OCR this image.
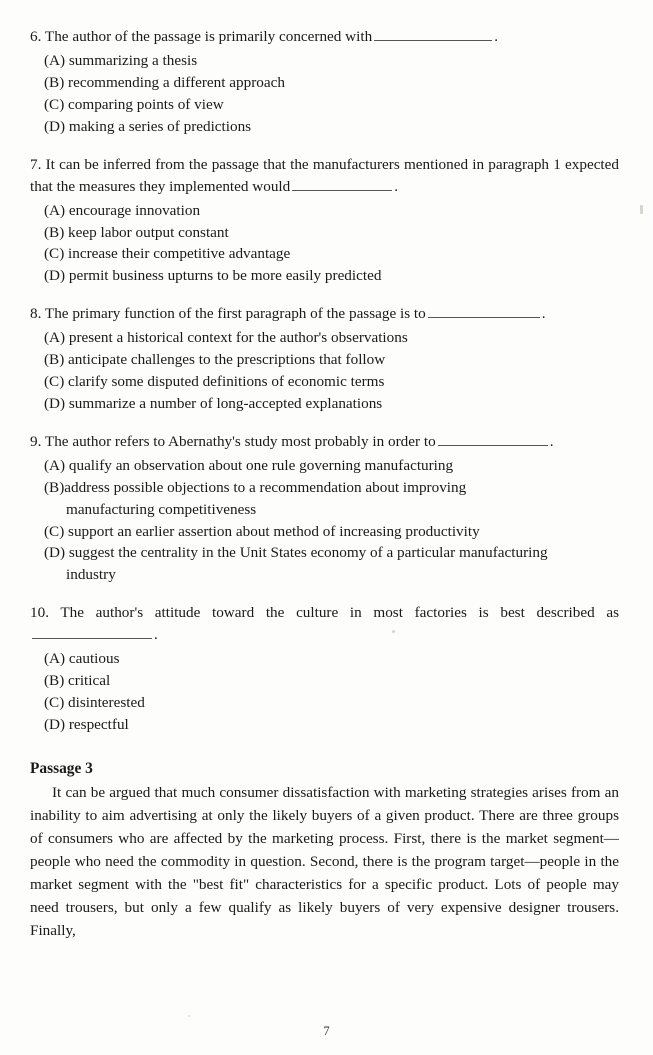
6. The author of the passage is primarily concerned with	.

(A) summarizing a thesis
(B) recommending a different approach
(C) comparing points of view
(D) making a series of predictions

7. It can be inferred from the passage that the manufacturers mentioned in paragraph 1 expected that the measures they implemented would	.

(A) encourage innovation
(B) keep labor output constant
(C) increase their competitive advantage
(D) permit business upturns to be more easily predicted

8. The primary function of the first paragraph of the passage is to	.

(A) present a historical context for the author's observations
(B) anticipate challenges to the prescriptions that follow
(C) clarify some disputed definitions of economic terms
(D) summarize a number of long-accepted explanations

9. The author refers to Abernathy's study most probably in order to	.

(A) qualify an observation about one rule governing manufacturing
(B)address possible objections to a recommendation about improving
manufacturing competitiveness
(C) support an earlier assertion about method of increasing productivity
(D) suggest the centrality in the Unit States economy of a particular manufacturing
industry

10. The author's attitude toward the culture in most factories is best described as .

(A) cautious
(B) critical
(C) disinterested
(D) respectful
Passage 3

It can be argued that much consumer dissatisfaction with marketing strategies arises from an inability to aim advertising at only the likely buyers of a given product. There are three groups of consumers who are affected by the marketing process. First, there is the market segment—people who need the commodity in question. Second, there is the program target—people in the market segment with the "best fit" characteristics for a specific product. Lots of people may need trousers, but only a few qualify as likely buyers of very expensive designer trousers. Finally,

7
